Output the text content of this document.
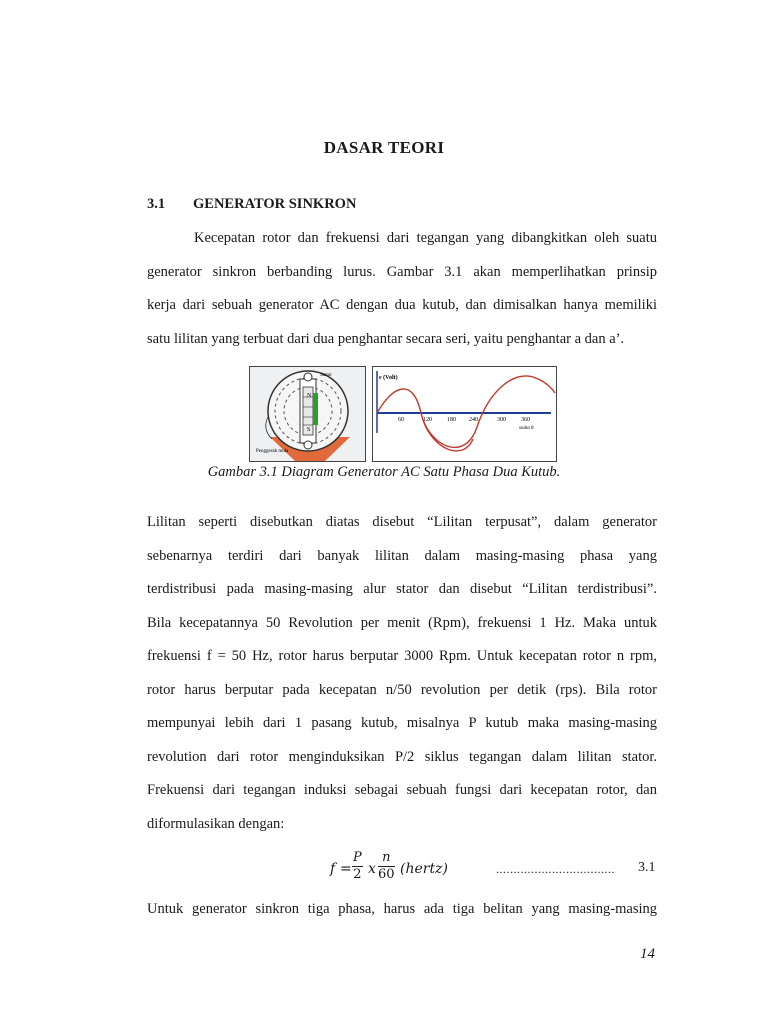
DASAR TEORI
3.1 GENERATOR SINKRON
Kecepatan rotor dan frekuensi dari tegangan yang dibangkitkan oleh suatu
generator sinkron berbanding lurus. Gambar 3.1 akan memperlihatkan prinsip
kerja dari sebuah generator AC dengan dua kutub, dan dimisalkan hanya memiliki
satu lilitan yang terbuat dari dua penghantar secara seri, yaitu penghantar a dan a’.
N
S
Stator
Penggerak mula
e (Volt)
60	120	180 240	300	360
sudut θ
Gambar 3.1 Diagram Generator AC Satu Phasa Dua Kutub.
Lilitan seperti disebutkan diatas disebut “Lilitan terpusat”, dalam generator
sebenarnya terdiri dari banyak lilitan dalam masing-masing phasa yang
terdistribusi pada masing-masing alur stator dan disebut “Lilitan terdistribusi”.
Bila kecepatannya 50 Revolution per menit (Rpm), frekuensi 1 Hz. Maka untuk
frekuensi f = 50 Hz, rotor harus berputar 3000 Rpm. Untuk kecepatan rotor n rpm,
rotor harus berputar pada kecepatan n/50 revolution per detik (rps). Bila rotor
mempunyai lebih dari 1 pasang kutub, misalnya P kutub maka masing-masing
revolution dari rotor menginduksikan P/2 siklus tegangan dalam lilitan stator.
Frekuensi dari tegangan induksi sebagai sebuah fungsi dari kecepatan rotor, dan
diformulasikan dengan:
$f = \frac{P}{2}$ x $\frac{n}{60}$ (hertz)	.................................. 3.1
Untuk generator sinkron tiga phasa, harus ada tiga belitan yang masing-masing
14
